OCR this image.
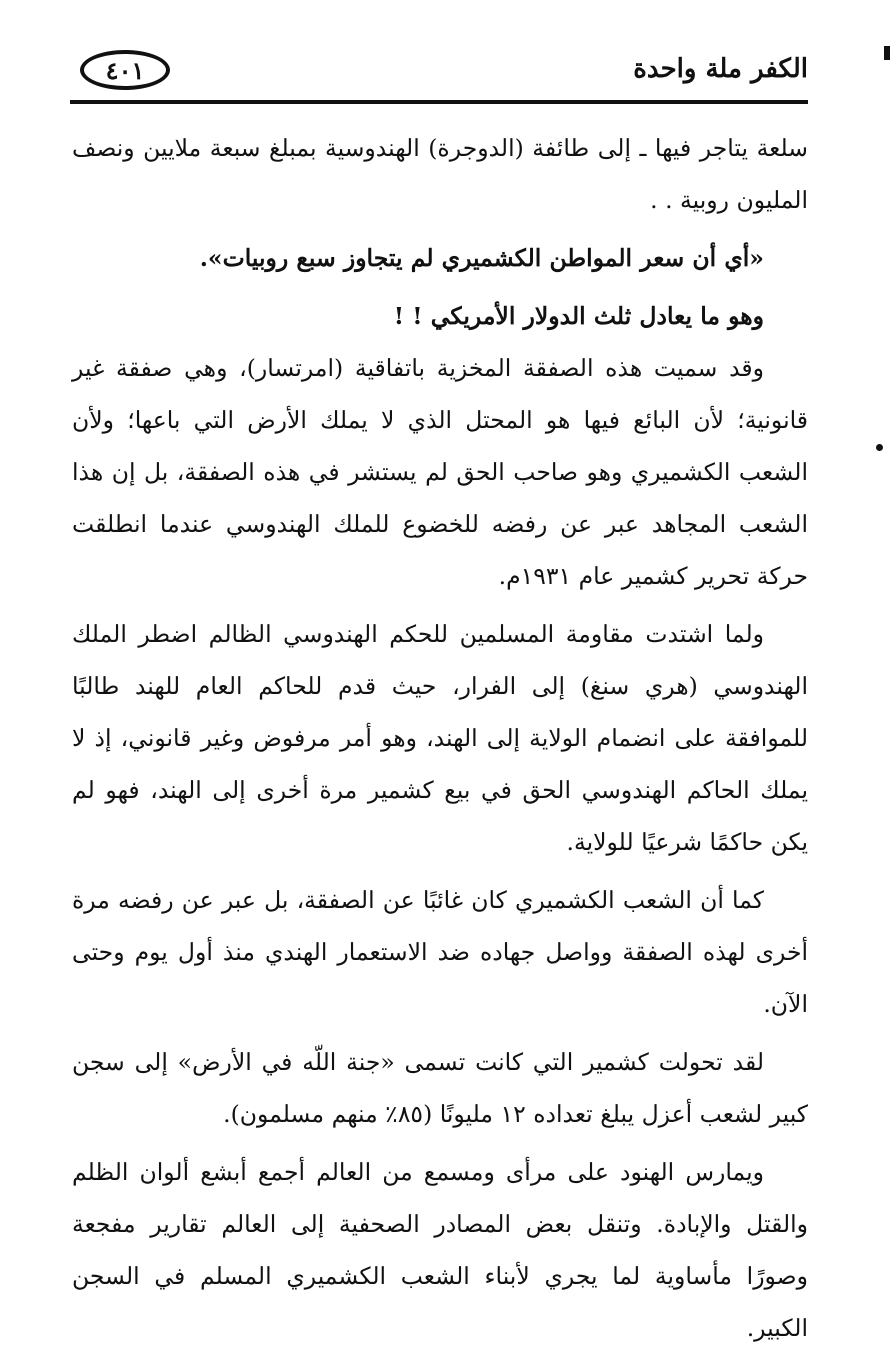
الكفر ملة واحدة
٤٠١

سلعة يتاجر فيها ـ إلى طائفة (الدوجرة) الهندوسية بمبلغ سبعة ملايين ونصف المليون روبية . .

«أي أن سعر المواطن الكشميري لم يتجاوز سبع روبيات».

وهو ما يعادل ثلث الدولار الأمريكي ! !

وقد سميت هذه الصفقة المخزية باتفاقية (امرتسار)، وهي صفقة غير قانونية؛ لأن البائع فيها هو المحتل الذي لا يملك الأرض التي باعها؛ ولأن الشعب الكشميري وهو صاحب الحق لم يستشر في هذه الصفقة، بل إن هذا الشعب المجاهد عبر عن رفضه للخضوع للملك الهندوسي عندما انطلقت حركة تحرير كشمير عام ١٩٣١م.

ولما اشتدت مقاومة المسلمين للحكم الهندوسي الظالم اضطر الملك الهندوسي (هري سنغ) إلى الفرار، حيث قدم للحاكم العام للهند طالبًا للموافقة على انضمام الولاية إلى الهند، وهو أمر مرفوض وغير قانوني، إذ لا يملك الحاكم الهندوسي الحق في بيع كشمير مرة أخرى إلى الهند، فهو لم يكن حاكمًا شرعيًا للولاية.

كما أن الشعب الكشميري كان غائبًا عن الصفقة، بل عبر عن رفضه مرة أخرى لهذه الصفقة وواصل جهاده ضد الاستعمار الهندي منذ أول يوم وحتى الآن.

لقد تحولت كشمير التي كانت تسمى «جنة اللّه في الأرض» إلى سجن كبير لشعب أعزل يبلغ تعداده ١٢ مليونًا (٨٥٪ منهم مسلمون).

ويمارس الهنود على مرأى ومسمع من العالم أجمع أبشع ألوان الظلم والقتل والإبادة. وتنقل بعض المصادر الصحفية إلى العالم تقارير مفجعة وصورًا مأساوية لما يجري لأبناء الشعب الكشميري المسلم في السجن الكبير.
